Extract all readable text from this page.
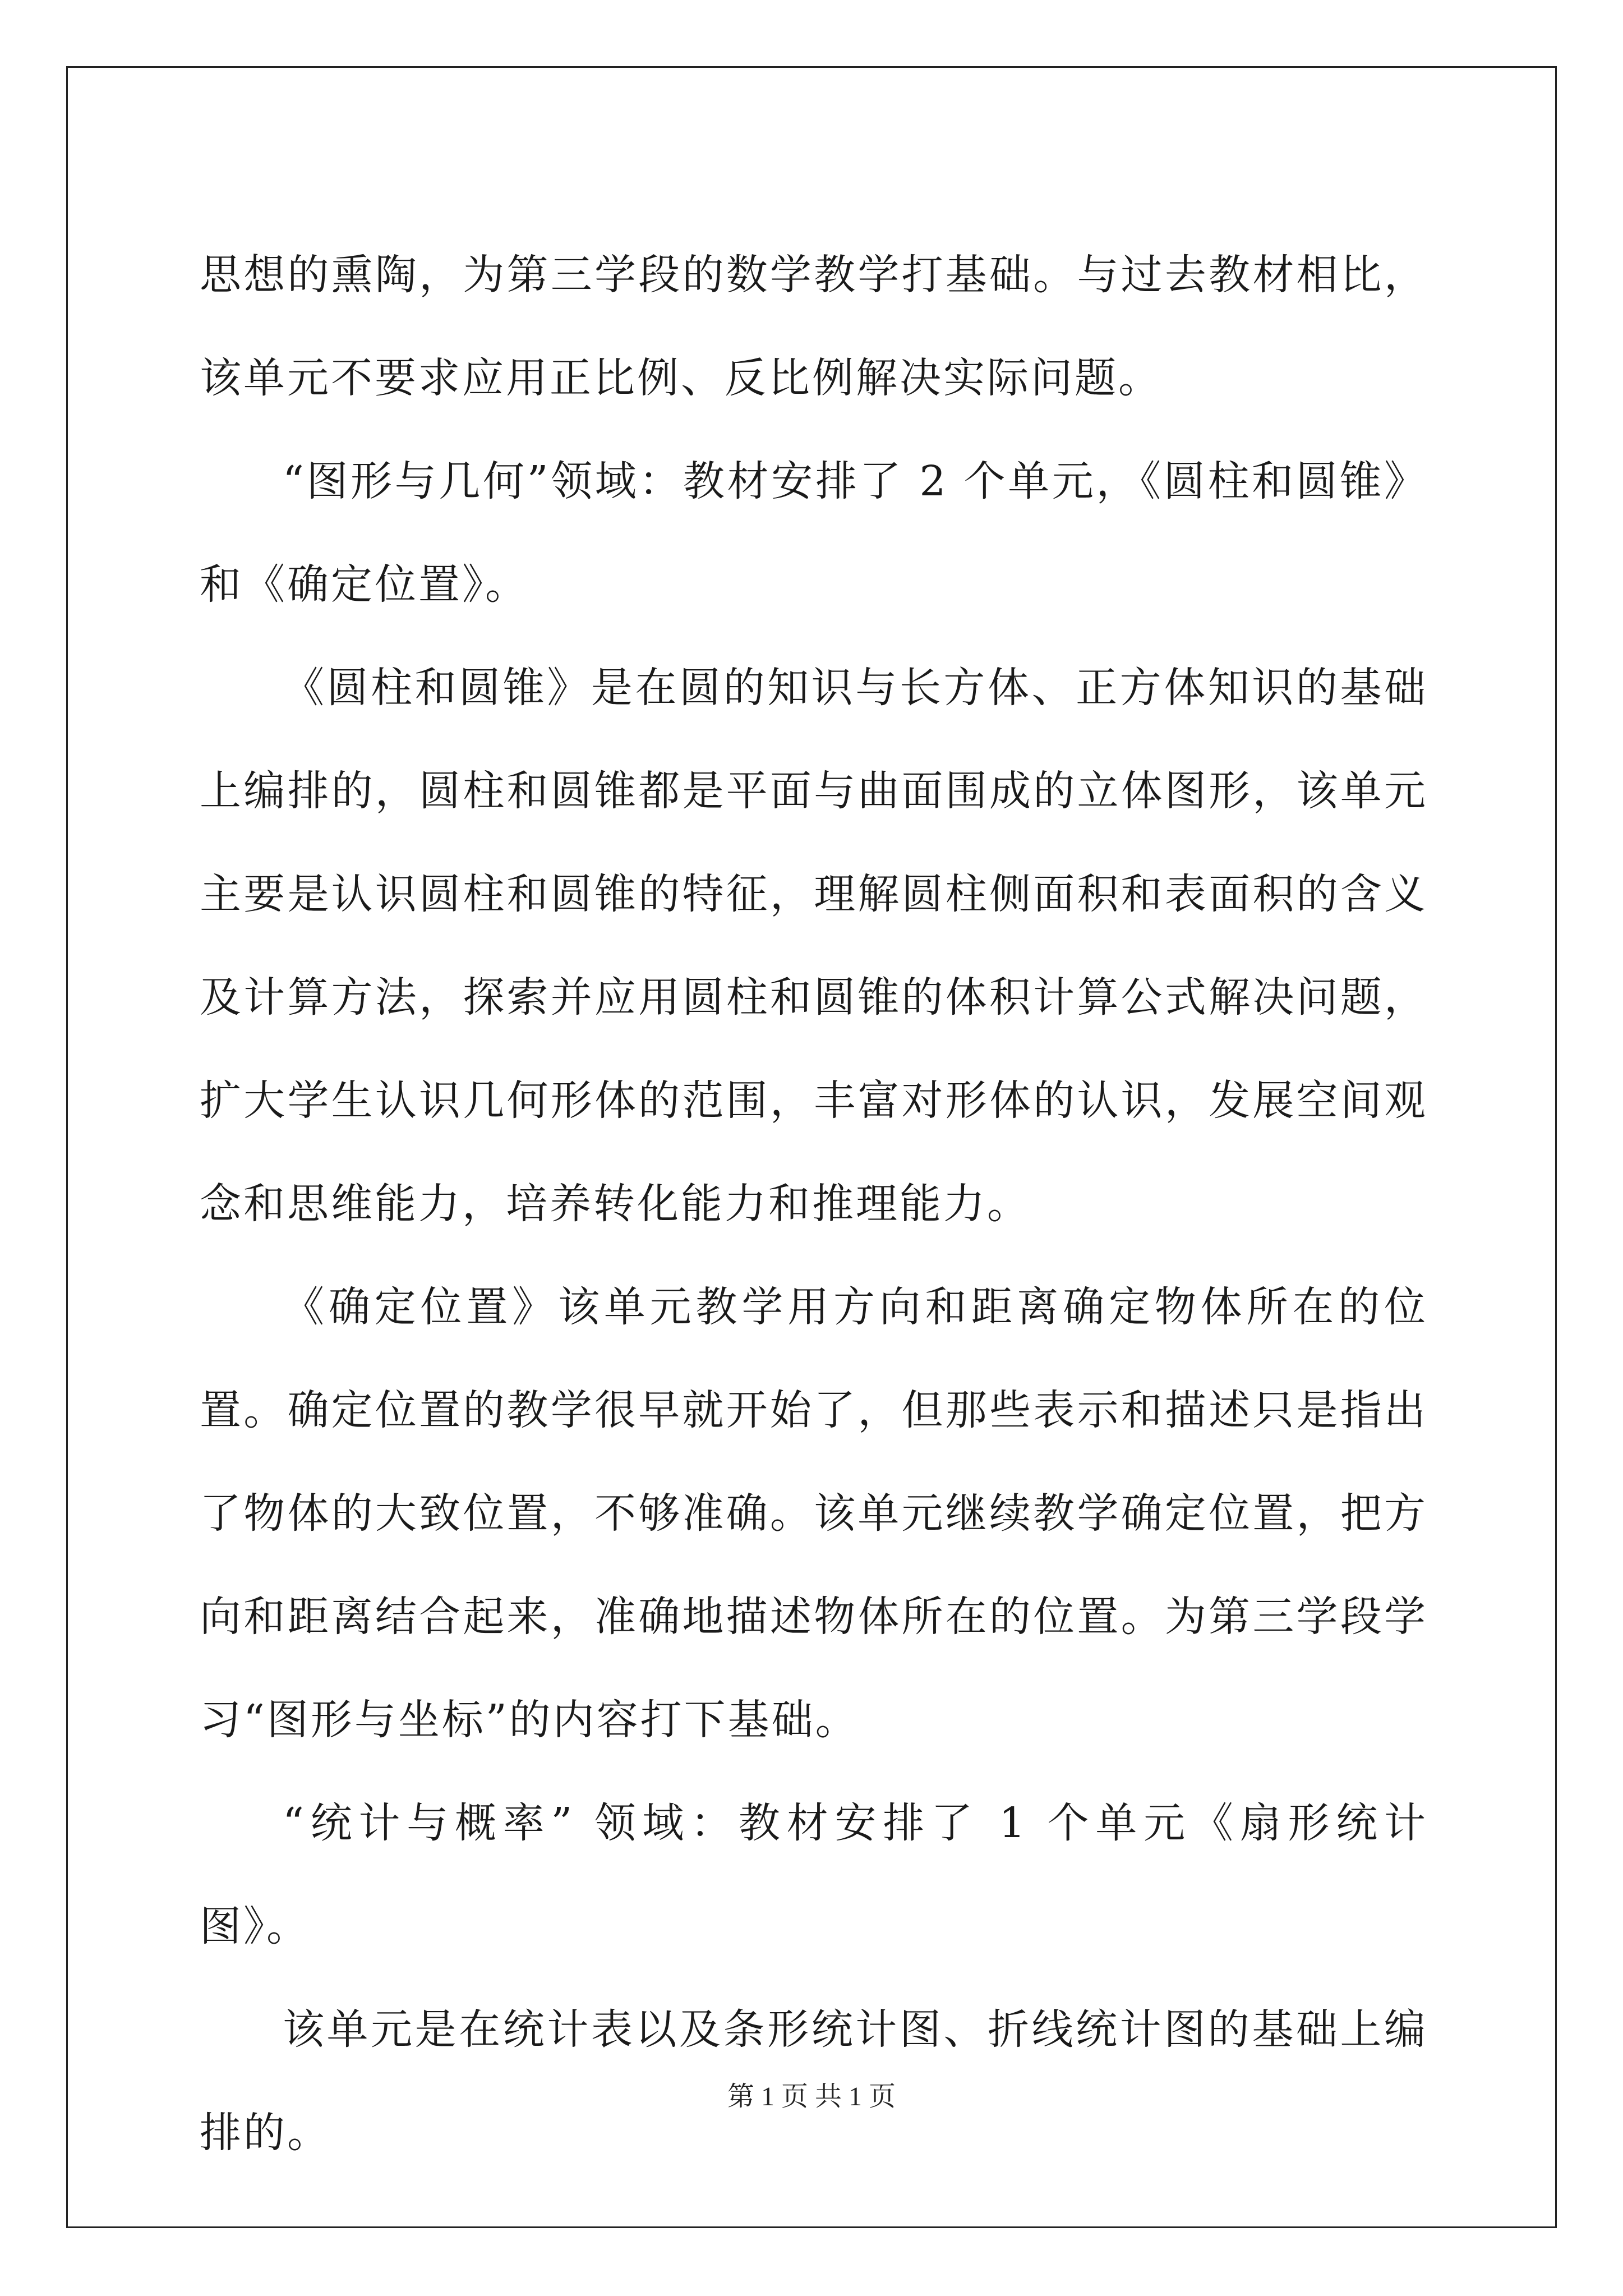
思想的熏陶，为第三学段的数学教学打基础。与过去教材相比，该单元不要求应用正比例、反比例解决实际问题。

“图形与几何”领域：教材安排了 2 个单元，《圆柱和圆锥》和《确定位置》。

《圆柱和圆锥》是在圆的知识与长方体、正方体知识的基础上编排的，圆柱和圆锥都是平面与曲面围成的立体图形，该单元主要是认识圆柱和圆锥的特征，理解圆柱侧面积和表面积的含义及计算方法，探索并应用圆柱和圆锥的体积计算公式解决问题，扩大学生认识几何形体的范围，丰富对形体的认识，发展空间观念和思维能力，培养转化能力和推理能力。

《确定位置》该单元教学用方向和距离确定物体所在的位置。确定位置的教学很早就开始了，但那些表示和描述只是指出了物体的大致位置，不够准确。该单元继续教学确定位置，把方向和距离结合起来，准确地描述物体所在的位置。为第三学段学习“图形与坐标”的内容打下基础。

“统计与概率” 领域：教材安排了 1 个单元《扇形统计图》。

该单元是在统计表以及条形统计图、折线统计图的基础上编排的。

第 1 页 共 1 页
